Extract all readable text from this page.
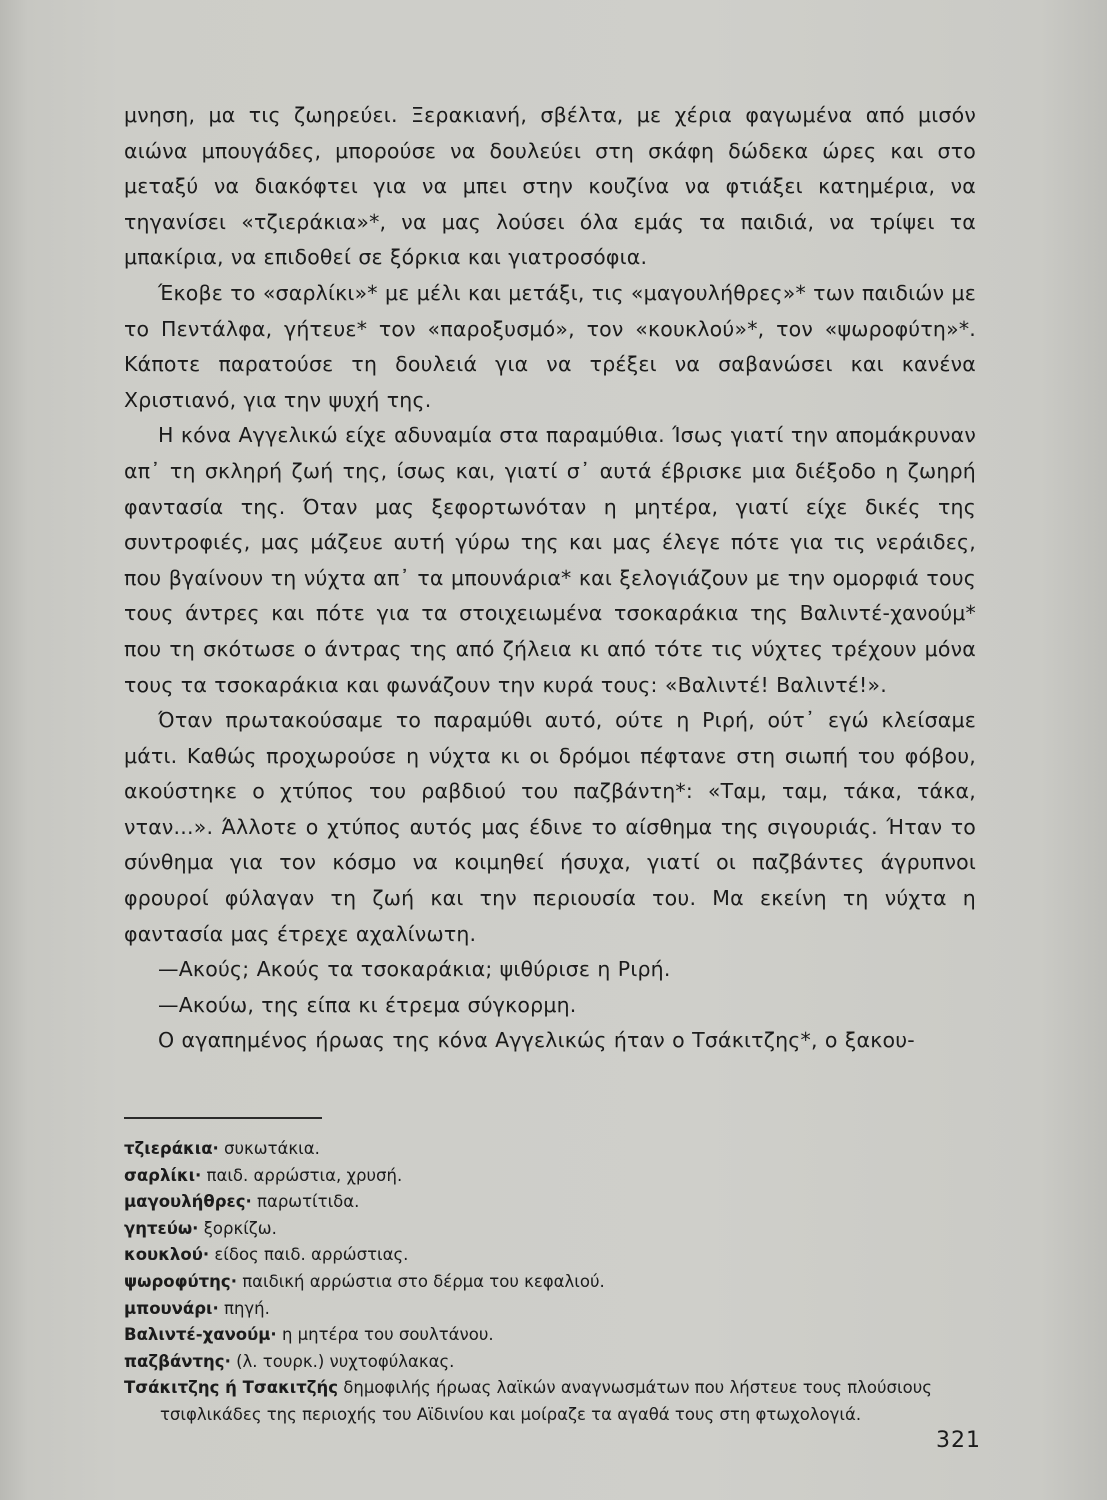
μνηση, μα τις ζωηρεύει. Ξερακιανή, σβέλτα, με χέρια φαγωμένα από μισόν αιώνα μπουγάδες, μπορούσε να δουλεύει στη σκάφη δώδεκα ώρες και στο μεταξύ να διακόφτει για να μπει στην κουζίνα να φτιάξει κατημέρια, να τηγανίσει «τζιεράκια»*, να μας λούσει όλα εμάς τα παιδιά, να τρίψει τα μπακίρια, να επιδοθεί σε ξόρκια και γιατροσόφια.

Έκοβε το «σαρλίκι»* με μέλι και μετάξι, τις «μαγουλήθρες»* των παιδιών με το Πεντάλφα, γήτευε* τον «παροξυσμό», τον «κουκλού»*, τον «ψωροφύτη»*. Κάποτε παρατούσε τη δουλειά για να τρέξει να σαβανώσει και κανένα Χριστιανό, για την ψυχή της.

Η κόνα Αγγελικώ είχε αδυναμία στα παραμύθια. Ίσως γιατί την απομάκρυναν απ᾽ τη σκληρή ζωή της, ίσως και, γιατί σ᾽ αυτά έβρισκε μια διέξοδο η ζωηρή φαντασία της. Όταν μας ξεφορτωνόταν η μητέρα, γιατί είχε δικές της συντροφιές, μας μάζευε αυτή γύρω της και μας έλεγε πότε για τις νεράιδες, που βγαίνουν τη νύχτα απ᾽ τα μπουνάρια* και ξελογιάζουν με την ομορφιά τους τους άντρες και πότε για τα στοιχειωμένα τσοκαράκια της Βαλιντέ-χανούμ* που τη σκότωσε ο άντρας της από ζήλεια κι από τότε τις νύχτες τρέχουν μόνα τους τα τσοκαράκια και φωνάζουν την κυρά τους: «Βαλιντέ! Βαλιντέ!».

Όταν πρωτακούσαμε το παραμύθι αυτό, ούτε η Ριρή, ούτ᾽ εγώ κλείσαμε μάτι. Καθώς προχωρούσε η νύχτα κι οι δρόμοι πέφτανε στη σιωπή του φόβου, ακούστηκε ο χτύπος του ραβδιού του παζβάντη*: «Ταμ, ταμ, τάκα, τάκα, νταν...». Άλλοτε ο χτύπος αυτός μας έδινε το αίσθημα της σιγουριάς. Ήταν το σύνθημα για τον κόσμο να κοιμηθεί ήσυχα, γιατί οι παζβάντες άγρυπνοι φρουροί φύλαγαν τη ζωή και την περιουσία του. Μα εκείνη τη νύχτα η φαντασία μας έτρεχε αχαλίνωτη.

—Ακούς; Ακούς τα τσοκαράκια; ψιθύρισε η Ριρή.

—Ακούω, της είπα κι έτρεμα σύγκορμη.

Ο αγαπημένος ήρωας της κόνα Αγγελικώς ήταν ο Τσάκιτζης*, ο ξακου-

τζιεράκια· συκωτάκια.
σαρλίκι· παιδ. αρρώστια, χρυσή.
μαγουλήθρες· παρωτίτιδα.
γητεύω· ξορκίζω.
κουκλού· είδος παιδ. αρρώστιας.
ψωροφύτης· παιδική αρρώστια στο δέρμα του κεφαλιού.
μπουνάρι· πηγή.
Βαλιντέ-χανούμ· η μητέρα του σουλτάνου.
παζβάντης· (λ. τουρκ.) νυχτοφύλακας.
Τσάκιτζης ή Τσακιτζής δημοφιλής ήρωας λαϊκών αναγνωσμάτων που λήστευε τους πλούσιους
τσιφλικάδες της περιοχής του Αϊδινίου και μοίραζε τα αγαθά τους στη φτωχολογιά.
321
